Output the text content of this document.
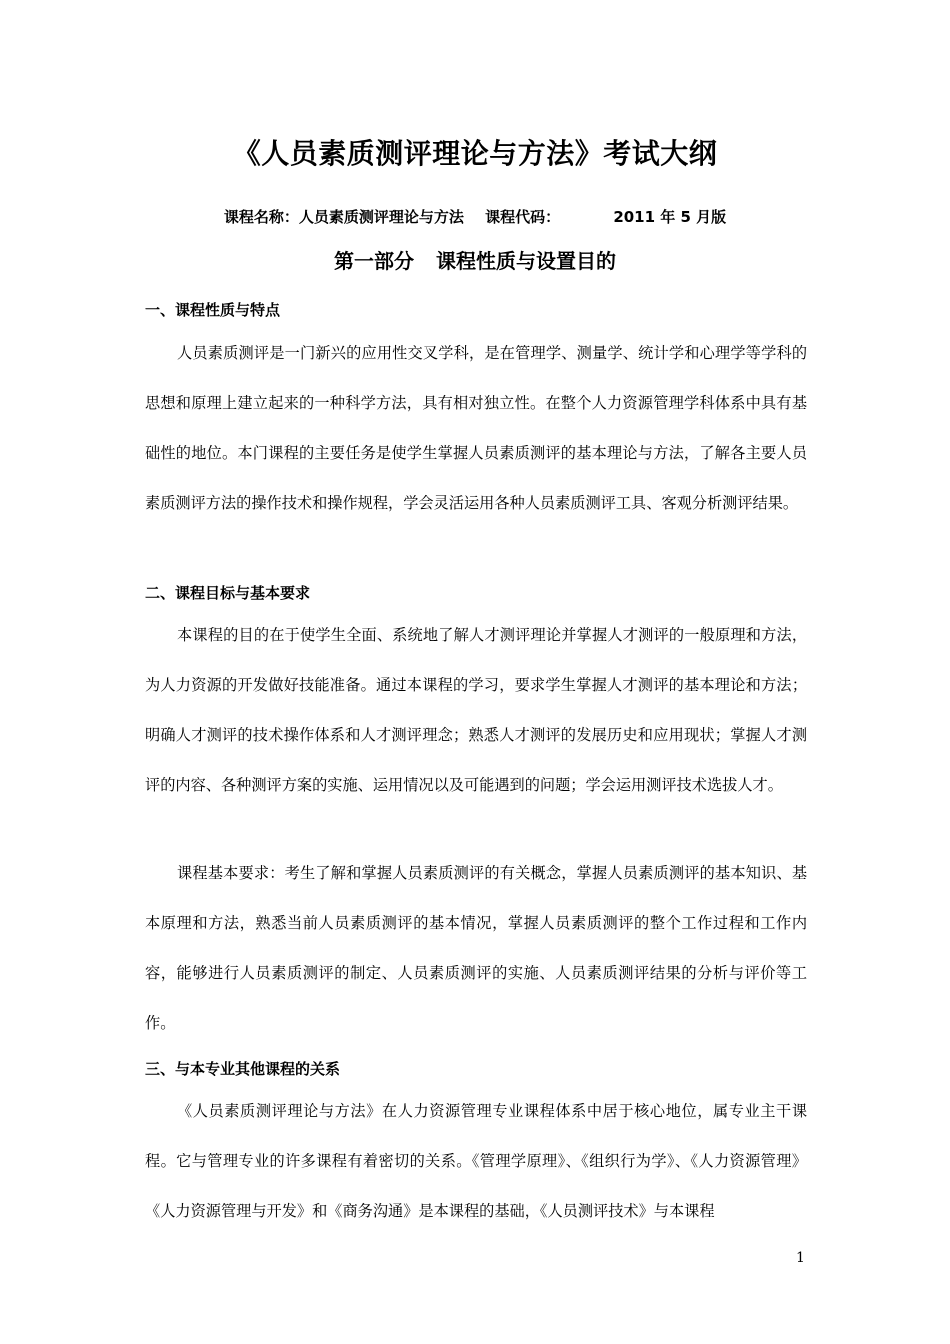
《人员素质测评理论与方法》考试大纲
课程名称：人员素质测评理论与方法 课程代码：	2011 年 5 月版
第一部分 课程性质与设置目的
一、课程性质与特点

人员素质测评是一门新兴的应用性交叉学科，是在管理学、测量学、统计学和心理学等学科的思想和原理上建立起来的一种科学方法，具有相对独立性。在整个人力资源管理学科体系中具有基础性的地位。本门课程的主要任务是使学生掌握人员素质测评的基本理论与方法，了解各主要人员素质测评方法的操作技术和操作规程，学会灵活运用各种人员素质测评工具、客观分析测评结果。

二、课程目标与基本要求

本课程的目的在于使学生全面、系统地了解人才测评理论并掌握人才测评的一般原理和方法，为人力资源的开发做好技能准备。通过本课程的学习，要求学生掌握人才测评的基本理论和方法；明确人才测评的技术操作体系和人才测评理念；熟悉人才测评的发展历史和应用现状；掌握人才测评的内容、各种测评方案的实施、运用情况以及可能遇到的问题；学会运用测评技术选拔人才。

课程基本要求：考生了解和掌握人员素质测评的有关概念，掌握人员素质测评的基本知识、基本原理和方法，熟悉当前人员素质测评的基本情况，掌握人员素质测评的整个工作过程和工作内容，能够进行人员素质测评的制定、人员素质测评的实施、人员素质测评结果的分析与评价等工作。

三、与本专业其他课程的关系

《人员素质测评理论与方法》在人力资源管理专业课程体系中居于核心地位，属专业主干课程。它与管理专业的许多课程有着密切的关系。《管理学原理》、《组织行为学》、《人力资源管理》《人力资源管理与开发》和《商务沟通》是本课程的基础，《人员测评技术》与本课程

1
